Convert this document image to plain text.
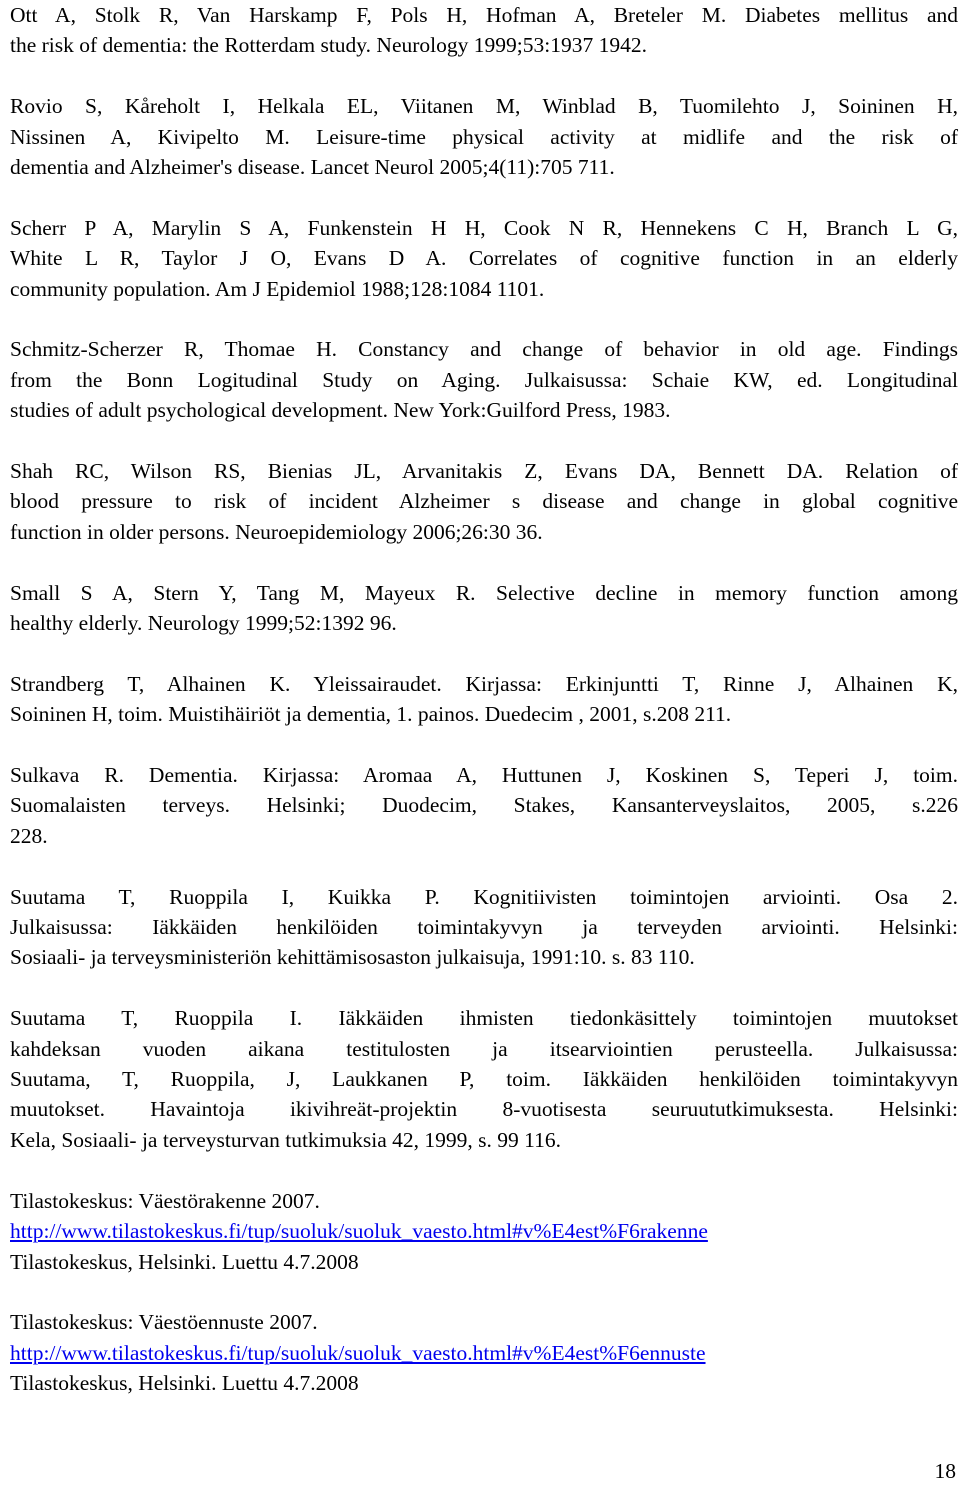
Ott A, Stolk R, Van Harskamp F, Pols H, Hofman A, Breteler M. Diabetes mellitus and
the risk of dementia: the Rotterdam study. Neurology 1999;53:1937 1942.
Rovio S, Kåreholt I, Helkala EL, Viitanen M, Winblad B, Tuomilehto J, Soininen H,
Nissinen A, Kivipelto M. Leisure-time physical activity at midlife and the risk of
dementia and Alzheimer's disease. Lancet Neurol 2005;4(11):705 711.
Scherr P A, Marylin S A, Funkenstein H H, Cook N R, Hennekens C H, Branch L G,
White L R, Taylor J O, Evans D A. Correlates of cognitive function in an elderly
community population. Am J Epidemiol 1988;128:1084 1101.
Schmitz-Scherzer R, Thomae H. Constancy and change of behavior in old age. Findings
from the Bonn Logitudinal Study on Aging. Julkaisussa: Schaie KW, ed. Longitudinal
studies of adult psychological development. New York:Guilford Press, 1983.
Shah RC, Wilson RS, Bienias JL, Arvanitakis Z, Evans DA, Bennett DA. Relation of
blood pressure to risk of incident Alzheimer s disease and change in global cognitive
function in older persons. Neuroepidemiology 2006;26:30 36.
Small S A, Stern Y, Tang M, Mayeux R. Selective decline in memory function among
healthy elderly. Neurology 1999;52:1392 96.
Strandberg T, Alhainen K. Yleissairaudet. Kirjassa: Erkinjuntti T, Rinne J, Alhainen K,
Soininen H, toim. Muistihäiriöt ja dementia, 1. painos. Duedecim , 2001, s.208 211.
Sulkava R. Dementia. Kirjassa: Aromaa A, Huttunen J, Koskinen S, Teperi J, toim.
Suomalaisten terveys. Helsinki; Duodecim, Stakes, Kansanterveyslaitos, 2005, s.226
228.
Suutama T, Ruoppila I, Kuikka P. Kognitiivisten toimintojen arviointi. Osa 2.
Julkaisussa: Iäkkäiden henkilöiden toimintakyvyn ja terveyden arviointi. Helsinki:
Sosiaali- ja terveysministeriön kehittämisosaston julkaisuja, 1991:10. s. 83 110.
Suutama T, Ruoppila I. Iäkkäiden ihmisten tiedonkäsittely toimintojen muutokset
kahdeksan vuoden aikana testitulosten ja itsearviointien perusteella. Julkaisussa:
Suutama, T, Ruoppila, J, Laukkanen P, toim. Iäkkäiden henkilöiden toimintakyvyn
muutokset. Havaintoja ikivihreät-projektin 8-vuotisesta seuruututkimuksesta. Helsinki:
Kela, Sosiaali- ja terveysturvan tutkimuksia 42, 1999, s. 99 116.
Tilastokeskus: Väestörakenne 2007.
http://www.tilastokeskus.fi/tup/suoluk/suoluk_vaesto.html#v%E4est%F6rakenne
Tilastokeskus, Helsinki. Luettu 4.7.2008
Tilastokeskus: Väestöennuste 2007.
http://www.tilastokeskus.fi/tup/suoluk/suoluk_vaesto.html#v%E4est%F6ennuste
Tilastokeskus, Helsinki. Luettu 4.7.2008
18
